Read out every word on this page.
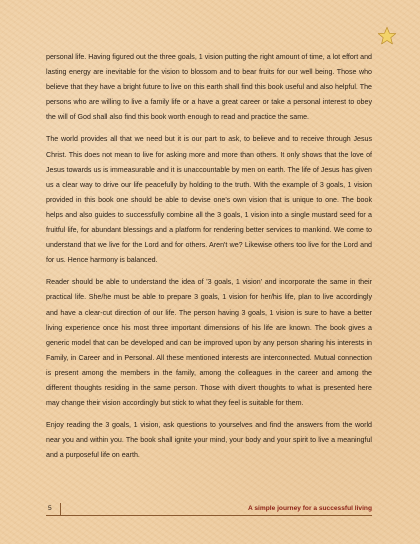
personal life. Having figured out the three goals, 1 vision putting the right amount of time, a lot effort and lasting energy are inevitable for the vision to blossom and to bear fruits for our well being. Those who believe that they have a bright future to live on this earth shall find this book useful and also helpful. The persons who are willing to live a family life or a have a great career or take a personal interest to obey the will of God shall also find this book worth enough to read and practice the same.

The world provides all that we need but it is our part to ask, to believe and to receive through Jesus Christ. This does not mean to live for asking more and more than others. It only shows that the love of Jesus towards us is immeasurable and it is unaccountable by men on earth. The life of Jesus has given us a clear way to drive our life peacefully by holding to the truth. With the example of 3 goals, 1 vision provided in this book one should be able to devise one's own vision that is unique to one. The book helps and also guides to successfully combine all the 3 goals, 1 vision into a single mustard seed for a fruitful life, for abundant blessings and a platform for rendering better services to mankind. We come to understand that we live for the Lord and for others. Aren't we? Likewise others too live for the Lord and for us. Hence harmony is balanced.

Reader should be able to understand the idea of '3 goals, 1 vision' and incorporate the same in their practical life. She/he must be able to prepare 3 goals, 1 vision for her/his life, plan to live accordingly and have a clear-cut direction of our life. The person having 3 goals, 1 vision is sure to have a better living experience once his most three important dimensions of his life are known. The book gives a generic model that can be developed and can be improved upon by any person sharing his interests in Family, in Career and in Personal. All these mentioned interests are interconnected. Mutual connection is present among the members in the family, among the colleagues in the career and among the different thoughts residing in the same person. Those with divert thoughts to what is presented here may change their vision accordingly but stick to what they feel is suitable for them.

Enjoy reading the 3 goals, 1 vision, ask questions to yourselves and find the answers from the world near you and within you. The book shall ignite your mind, your body and your spirit to live a meaningful and a purposeful life on earth.

5	A simple journey for a successful living
